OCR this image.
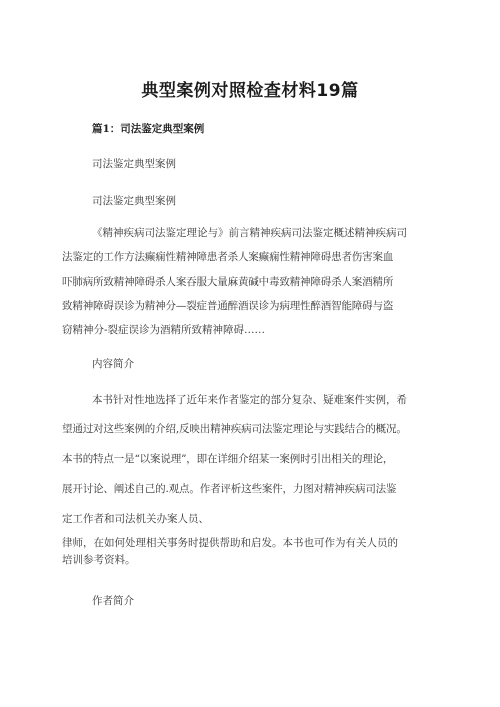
典型案例对照检查材料19篇
篇1：司法鉴定典型案例
司法鉴定典型案例
司法鉴定典型案例
《精神疾病司法鉴定理论与》前言精神疾病司法鉴定概述精神疾病司
法鉴定的工作方法癫痫性精神障患者杀人案癫痫性精神障碍患者伤害案血
吓肺病所致精神障碍杀人案吞服大量麻黄碱中毒致精神障碍杀人案酒精所
致精神障碍误诊为精神分—裂症普通醉酒误诊为病理性醉酒智能障碍与盗
窃精神分-裂症误诊为酒精所致精神障碍……
内容简介
本书针对性地选择了近年来作者鉴定的部分复杂、疑难案件实例，希
望通过对这些案例的介绍,反映出精神疾病司法鉴定理论与实践结合的概况。
本书的特点一是“以案说理”，即在详细介绍某一案例时引出相关的理论，
展开讨论、阐述自己的.观点。作者评析这些案件，力图对精神疾病司法鉴
定工作者和司法机关办案人员、
律师，在如何处理相关事务时提供帮助和启发。本书也可作为有关人员的
培训参考资料。
作者简介
